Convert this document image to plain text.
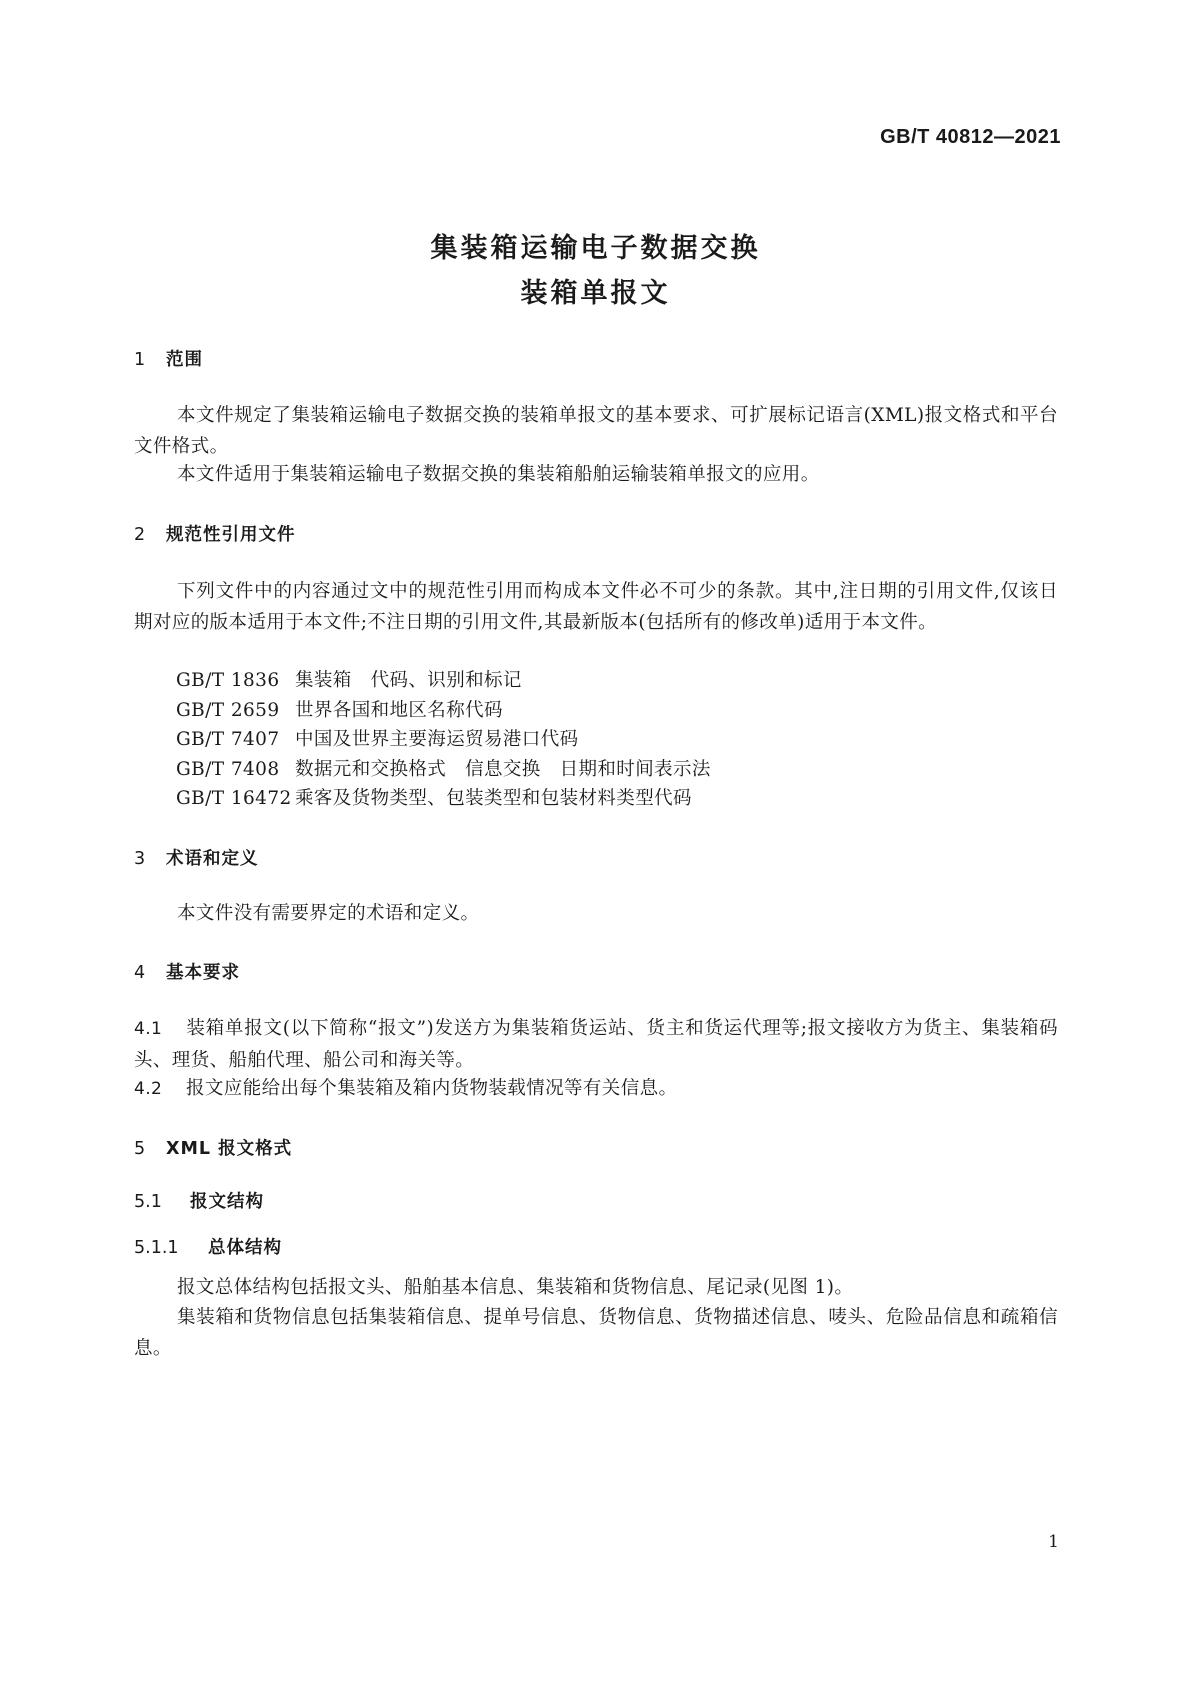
GB/T 40812—2021
集装箱运输电子数据交换
装箱单报文
1 范围
本文件规定了集装箱运输电子数据交换的装箱单报文的基本要求、可扩展标记语言(XML)报文格式和平台文件格式。
本文件适用于集装箱运输电子数据交换的集装箱船舶运输装箱单报文的应用。
2 规范性引用文件
下列文件中的内容通过文中的规范性引用而构成本文件必不可少的条款。其中,注日期的引用文件,仅该日期对应的版本适用于本文件;不注日期的引用文件,其最新版本(包括所有的修改单)适用于本文件。
GB/T 1836 集装箱　代码、识别和标记
GB/T 2659 世界各国和地区名称代码
GB/T 7407 中国及世界主要海运贸易港口代码
GB/T 7408 数据元和交换格式　信息交换　日期和时间表示法
GB/T 16472 乘客及货物类型、包装类型和包装材料类型代码
3 术语和定义
本文件没有需要界定的术语和定义。
4 基本要求
4.1 装箱单报文(以下简称“报文”)发送方为集装箱货运站、货主和货运代理等;报文接收方为货主、集装箱码头、理货、船舶代理、船公司和海关等。
4.2 报文应能给出每个集装箱及箱内货物装载情况等有关信息。
5 XML 报文格式
5.1 报文结构
5.1.1 总体结构
报文总体结构包括报文头、船舶基本信息、集装箱和货物信息、尾记录(见图 1)。
集装箱和货物信息包括集装箱信息、提单号信息、货物信息、货物描述信息、唛头、危险品信息和疏箱信息。
1
